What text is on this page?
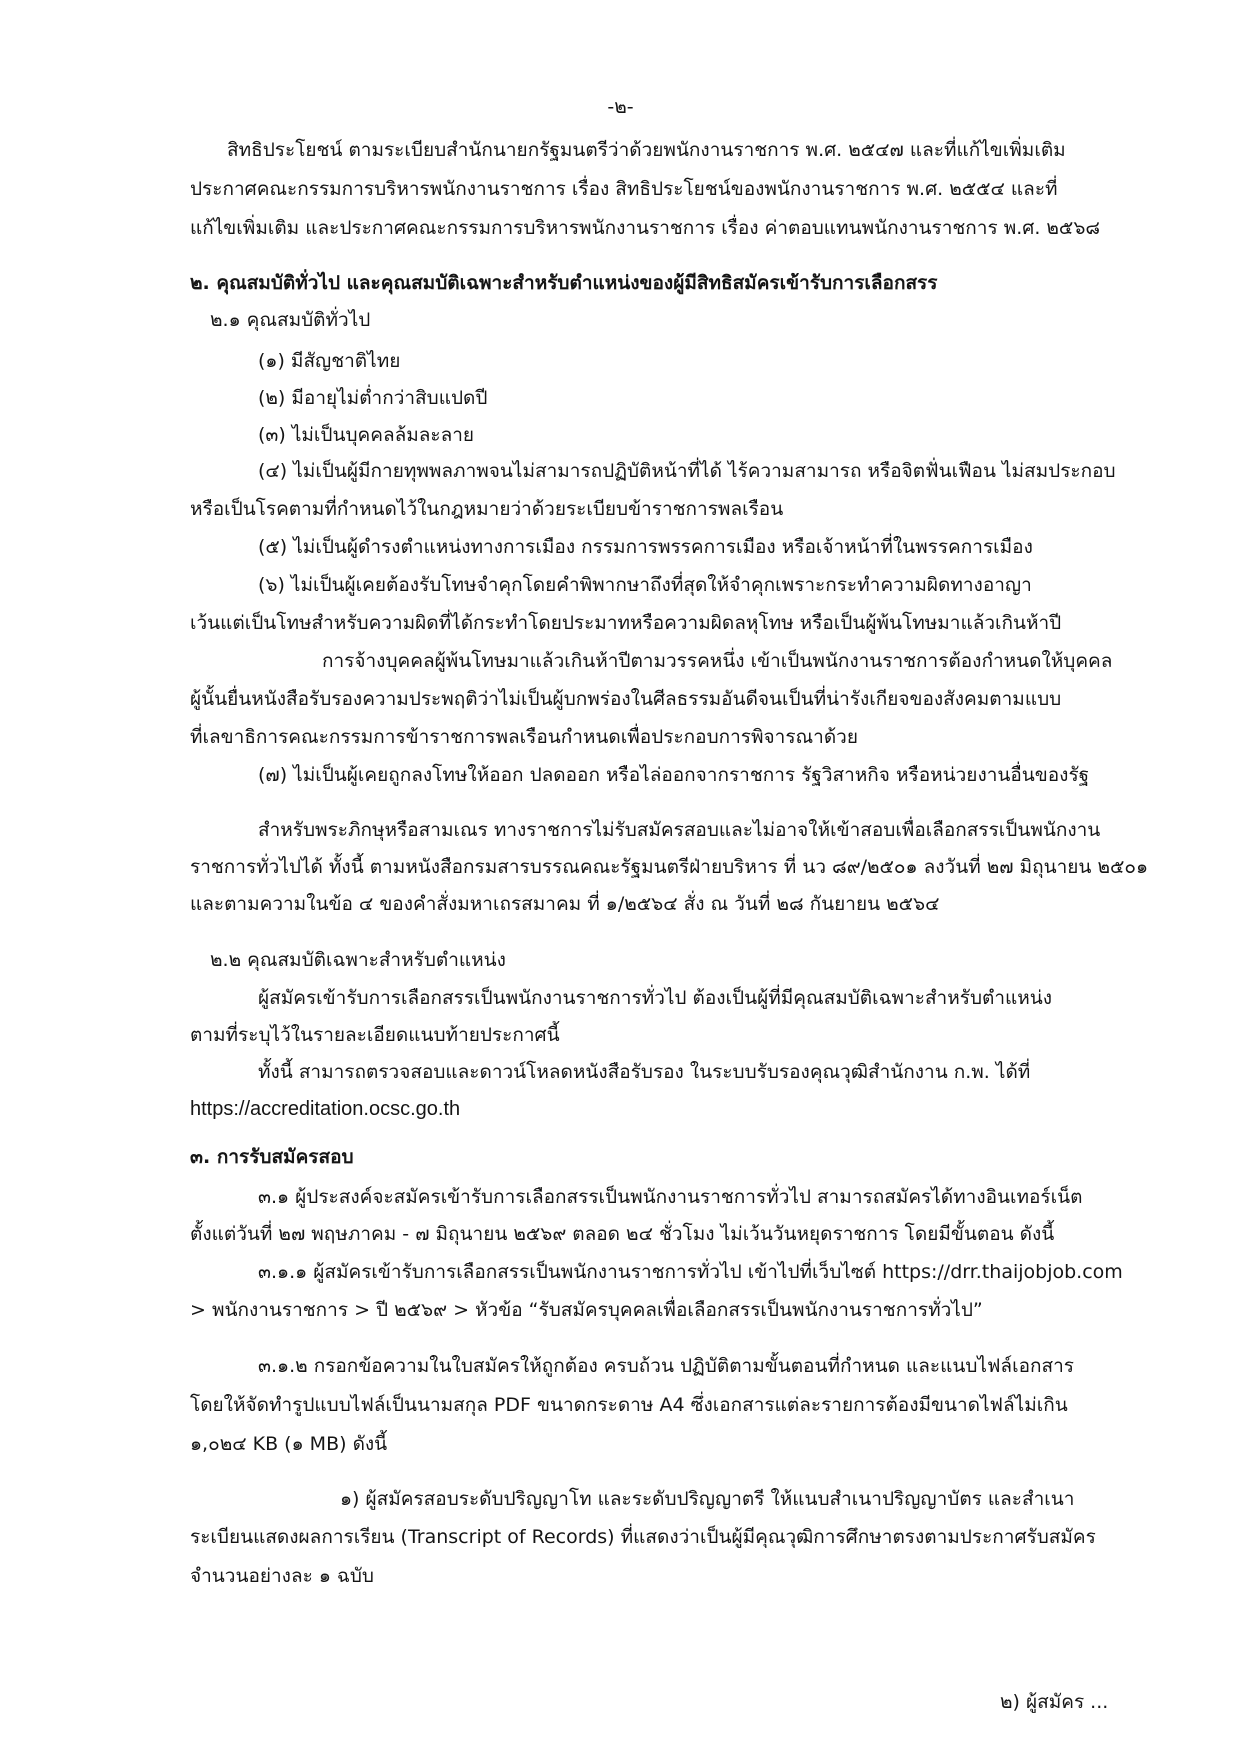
-๒-
สิทธิประโยชน์ ตามระเบียบสำนักนายกรัฐมนตรีว่าด้วยพนักงานราชการ พ.ศ. ๒๕๔๗ และที่แก้ไขเพิ่มเติม
ประกาศคณะกรรมการบริหารพนักงานราชการ เรื่อง สิทธิประโยชน์ของพนักงานราชการ พ.ศ. ๒๕๕๔ และที่
แก้ไขเพิ่มเติม และประกาศคณะกรรมการบริหารพนักงานราชการ เรื่อง ค่าตอบแทนพนักงานราชการ พ.ศ. ๒๕๖๘
๒. คุณสมบัติทั่วไป และคุณสมบัติเฉพาะสำหรับตำแหน่งของผู้มีสิทธิสมัครเข้ารับการเลือกสรร
๒.๑ คุณสมบัติทั่วไป
(๑) มีสัญชาติไทย
(๒) มีอายุไม่ต่ำกว่าสิบแปดปี
(๓) ไม่เป็นบุคคลล้มละลาย
(๔) ไม่เป็นผู้มีกายทุพพลภาพจนไม่สามารถปฏิบัติหน้าที่ได้ ไร้ความสามารถ หรือจิตฟั่นเฟือน ไม่สมประกอบ
หรือเป็นโรคตามที่กำหนดไว้ในกฎหมายว่าด้วยระเบียบข้าราชการพลเรือน
(๕) ไม่เป็นผู้ดำรงตำแหน่งทางการเมือง กรรมการพรรคการเมือง หรือเจ้าหน้าที่ในพรรคการเมือง
(๖) ไม่เป็นผู้เคยต้องรับโทษจำคุกโดยคำพิพากษาถึงที่สุดให้จำคุกเพราะกระทำความผิดทางอาญา
เว้นแต่เป็นโทษสำหรับความผิดที่ได้กระทำโดยประมาทหรือความผิดลหุโทษ หรือเป็นผู้พ้นโทษมาแล้วเกินห้าปี
การจ้างบุคคลผู้พ้นโทษมาแล้วเกินห้าปีตามวรรคหนึ่ง เข้าเป็นพนักงานราชการต้องกำหนดให้บุคคล
ผู้นั้นยื่นหนังสือรับรองความประพฤติว่าไม่เป็นผู้บกพร่องในศีลธรรมอันดีจนเป็นที่น่ารังเกียจของสังคมตามแบบ
ที่เลขาธิการคณะกรรมการข้าราชการพลเรือนกำหนดเพื่อประกอบการพิจารณาด้วย
(๗) ไม่เป็นผู้เคยถูกลงโทษให้ออก ปลดออก หรือไล่ออกจากราชการ รัฐวิสาหกิจ หรือหน่วยงานอื่นของรัฐ
สำหรับพระภิกษุหรือสามเณร ทางราชการไม่รับสมัครสอบและไม่อาจให้เข้าสอบเพื่อเลือกสรรเป็นพนักงาน
ราชการทั่วไปได้ ทั้งนี้ ตามหนังสือกรมสารบรรณคณะรัฐมนตรีฝ่ายบริหาร ที่ นว ๘๙/๒๕๐๑ ลงวันที่ ๒๗ มิถุนายน ๒๕๐๑
และตามความในข้อ ๔ ของคำสั่งมหาเถรสมาคม ที่ ๑/๒๕๖๔ สั่ง ณ วันที่ ๒๘ กันยายน ๒๕๖๔
๒.๒ คุณสมบัติเฉพาะสำหรับตำแหน่ง
ผู้สมัครเข้ารับการเลือกสรรเป็นพนักงานราชการทั่วไป ต้องเป็นผู้ที่มีคุณสมบัติเฉพาะสำหรับตำแหน่ง
ตามที่ระบุไว้ในรายละเอียดแนบท้ายประกาศนี้
ทั้งนี้ สามารถตรวจสอบและดาวน์โหลดหนังสือรับรอง ในระบบรับรองคุณวุฒิสำนักงาน ก.พ. ได้ที่
https://accreditation.ocsc.go.th
๓. การรับสมัครสอบ
๓.๑ ผู้ประสงค์จะสมัครเข้ารับการเลือกสรรเป็นพนักงานราชการทั่วไป สามารถสมัครได้ทางอินเทอร์เน็ต
ตั้งแต่วันที่ ๒๗ พฤษภาคม - ๗ มิถุนายน ๒๕๖๙ ตลอด ๒๔ ชั่วโมง ไม่เว้นวันหยุดราชการ โดยมีขั้นตอน ดังนี้
๓.๑.๑ ผู้สมัครเข้ารับการเลือกสรรเป็นพนักงานราชการทั่วไป เข้าไปที่เว็บไซต์ https://drr.thaijobjob.com
> พนักงานราชการ > ปี ๒๕๖๙ > หัวข้อ “รับสมัครบุคคลเพื่อเลือกสรรเป็นพนักงานราชการทั่วไป”
๓.๑.๒ กรอกข้อความในใบสมัครให้ถูกต้อง ครบถ้วน ปฏิบัติตามขั้นตอนที่กำหนด และแนบไฟล์เอกสาร
โดยให้จัดทำรูปแบบไฟล์เป็นนามสกุล PDF ขนาดกระดาษ A4 ซึ่งเอกสารแต่ละรายการต้องมีขนาดไฟล์ไม่เกิน
๑,๐๒๔ KB (๑ MB) ดังนี้
๑) ผู้สมัครสอบระดับปริญญาโท และระดับปริญญาตรี ให้แนบสำเนาปริญญาบัตร และสำเนา
ระเบียนแสดงผลการเรียน (Transcript of Records) ที่แสดงว่าเป็นผู้มีคุณวุฒิการศึกษาตรงตามประกาศรับสมัคร
จำนวนอย่างละ ๑ ฉบับ
๒) ผู้สมัคร ...
